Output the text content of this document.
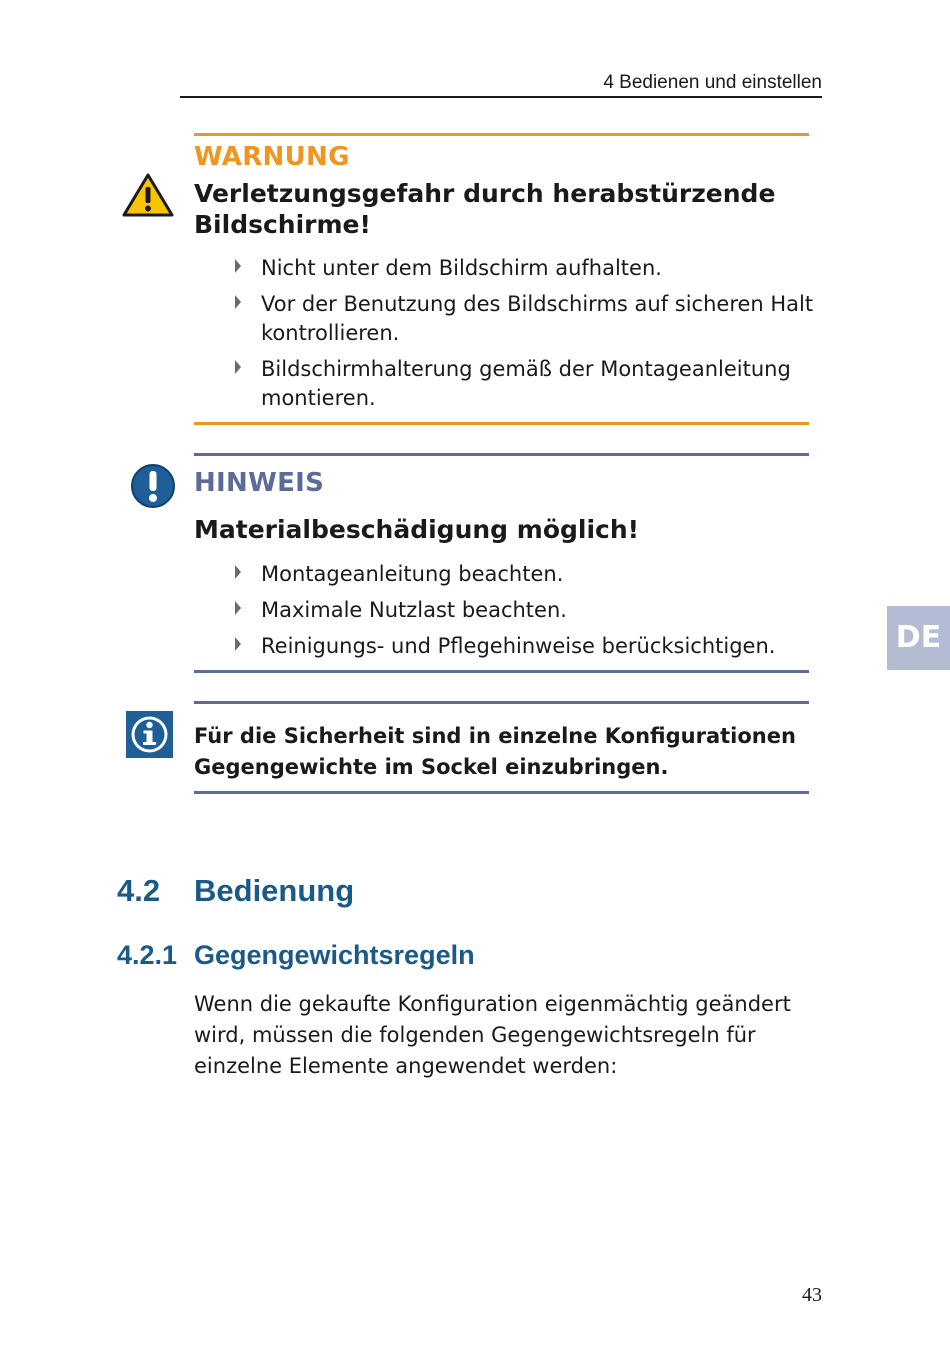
4 Bedienen und einstellen
WARNUNG
Verletzungsgefahr durch herabstürzende Bildschirme!
Nicht unter dem Bildschirm aufhalten.
Vor der Benutzung des Bildschirms auf sicheren Halt kontrollieren.
Bildschirmhalterung gemäß der Montageanleitung montieren.
HINWEIS
Materialbeschädigung möglich!
Montageanleitung beachten.
Maximale Nutzlast beachten.
Reinigungs- und Pflegehinweise berücksichtigen.	DE
Für die Sicherheit sind in einzelne Konfigurationen Gegengewichte im Sockel einzubringen.
4.2 Bedienung
4.2.1 Gegengewichtsregeln
Wenn die gekaufte Konfiguration eigenmächtig geändert wird, müssen die folgenden Gegengewichtsregeln für einzelne Elemente angewendet werden:
43
